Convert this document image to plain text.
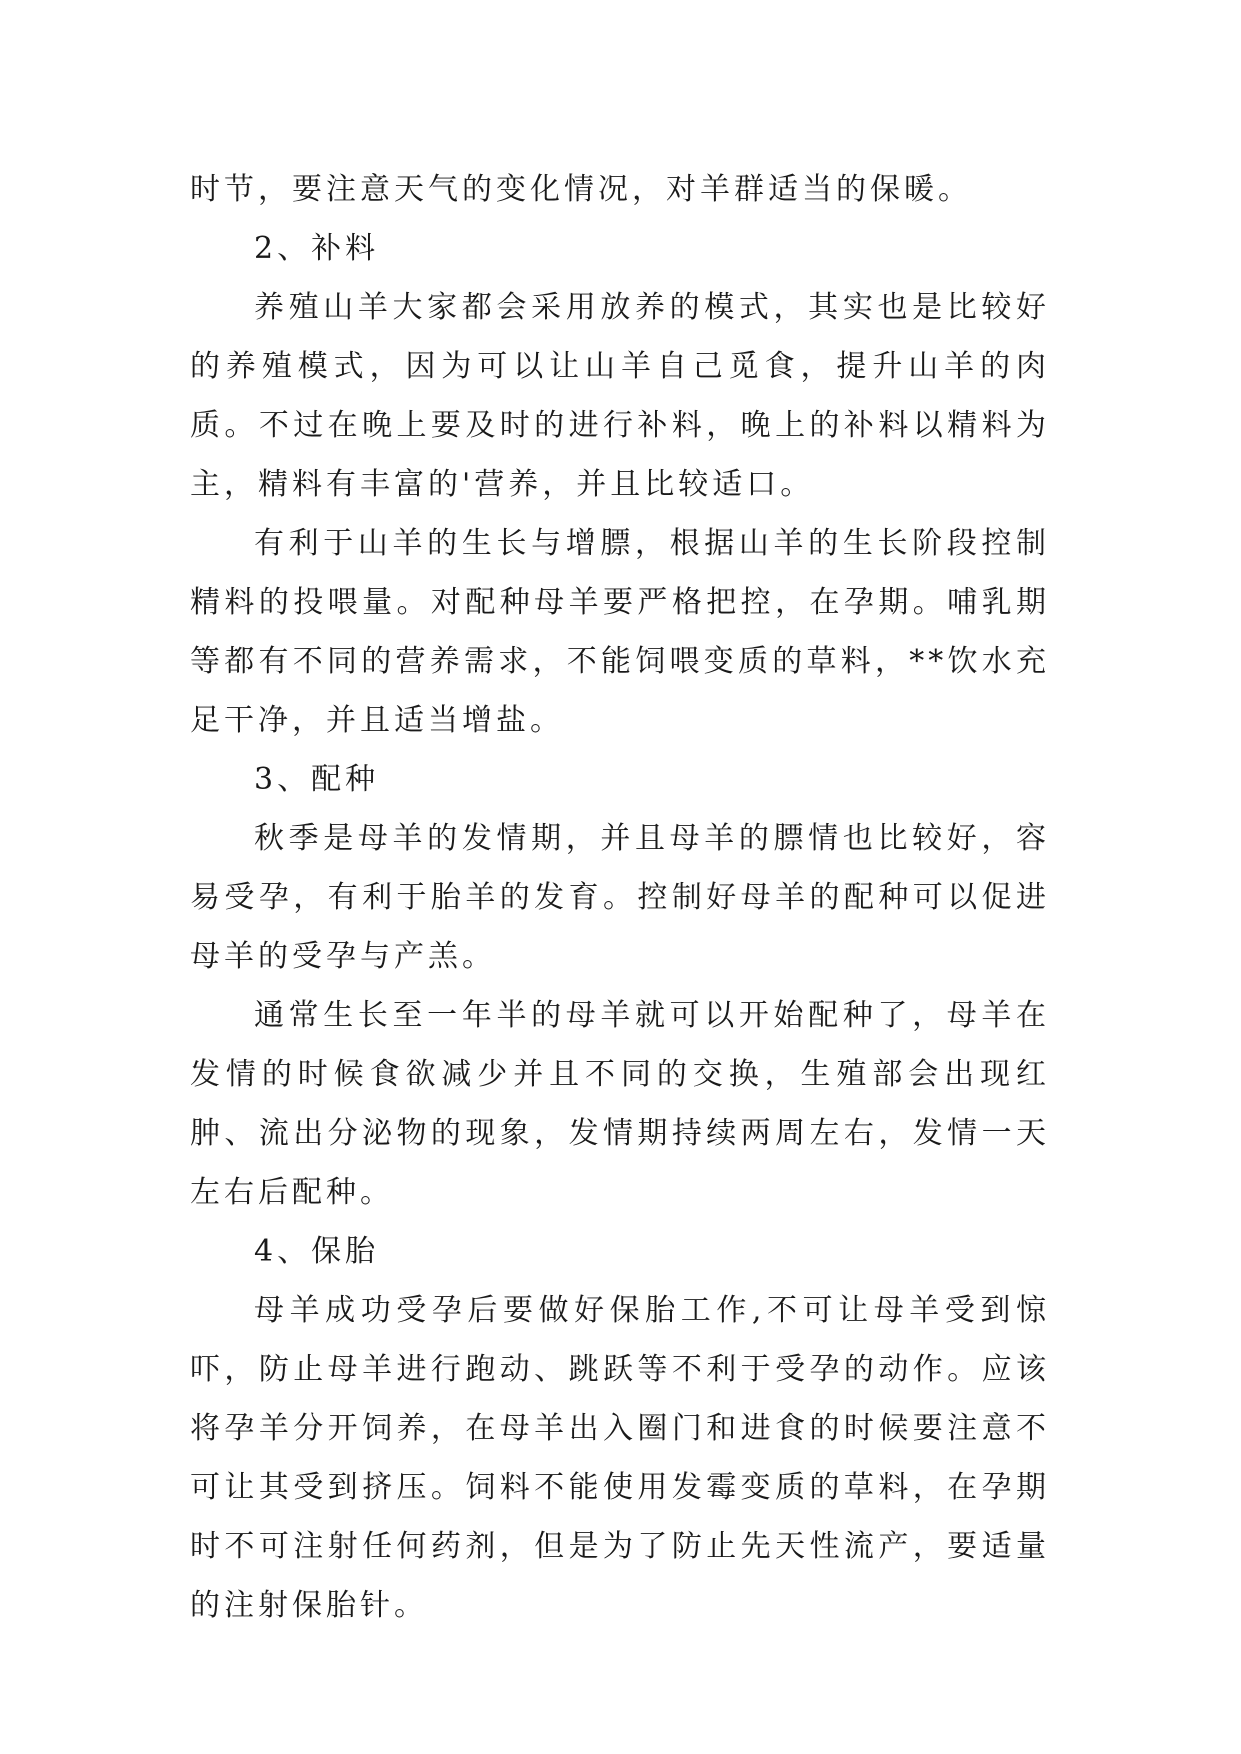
时节，要注意天气的变化情况，对羊群适当的保暖。

2、补料

养殖山羊大家都会采用放养的模式，其实也是比较好的养殖模式，因为可以让山羊自己觅食，提升山羊的肉质。不过在晚上要及时的进行补料，晚上的补料以精料为主，精料有丰富的'营养，并且比较适口。

有利于山羊的生长与增膘，根据山羊的生长阶段控制精料的投喂量。对配种母羊要严格把控，在孕期。哺乳期等都有不同的营养需求，不能饲喂变质的草料，**饮水充足干净，并且适当增盐。

3、配种

秋季是母羊的发情期，并且母羊的膘情也比较好，容易受孕，有利于胎羊的发育。控制好母羊的配种可以促进母羊的受孕与产羔。

通常生长至一年半的母羊就可以开始配种了，母羊在发情的时候食欲减少并且不同的交换，生殖部会出现红肿、流出分泌物的现象，发情期持续两周左右，发情一天左右后配种。

4、保胎

母羊成功受孕后要做好保胎工作,不可让母羊受到惊吓，防止母羊进行跑动、跳跃等不利于受孕的动作。应该将孕羊分开饲养，在母羊出入圈门和进食的时候要注意不可让其受到挤压。饲料不能使用发霉变质的草料，在孕期时不可注射任何药剂，但是为了防止先天性流产，要适量的注射保胎针。
